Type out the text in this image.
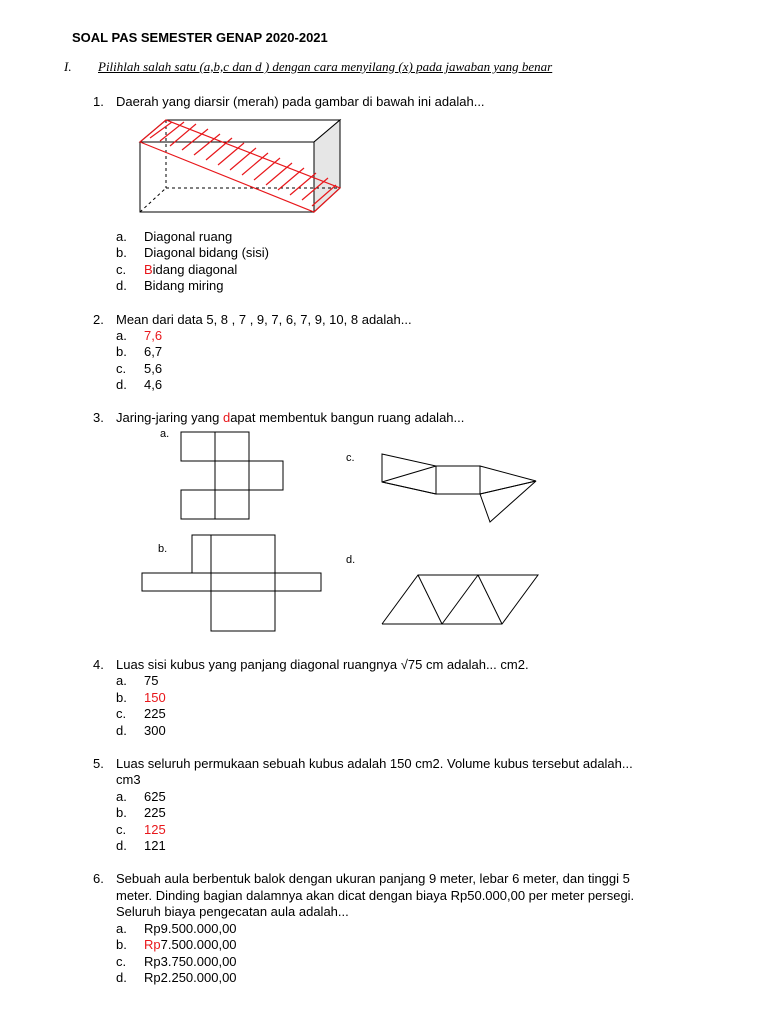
SOAL PAS SEMESTER GENAP 2020-2021
I. Pilihlah salah satu (a,b,c dan d ) dengan cara menyilang (x) pada jawaban yang benar
1. Daerah yang diarsir (merah) pada gambar di bawah ini adalah...
a. Diagonal ruang
b. Diagonal bidang (sisi)
c. Bidang diagonal
d. Bidang miring
2. Mean dari data 5, 8 , 7 , 9, 7, 6, 7, 9, 10, 8 adalah...
a. 7,6
b. 6,7
c. 5,6
d. 4,6
3. Jaring-jaring yang dapat membentuk bangun ruang adalah...
a.
b.
c.
d.
4. Luas sisi kubus yang panjang diagonal ruangnya √75 cm adalah... cm2.
a. 75
b. 150
c. 225
d. 300
5. Luas seluruh permukaan sebuah kubus adalah 150 cm2. Volume kubus tersebut adalah...
cm3
a. 625
b. 225
c. 125
d. 121
6. Sebuah aula berbentuk balok dengan ukuran panjang 9 meter, lebar 6 meter, dan tinggi 5
meter. Dinding bagian dalamnya akan dicat dengan biaya Rp50.000,00 per meter persegi.
Seluruh biaya pengecatan aula adalah...
a. Rp9.500.000,00
b. Rp7.500.000,00
c. Rp3.750.000,00
d. Rp2.250.000,00
